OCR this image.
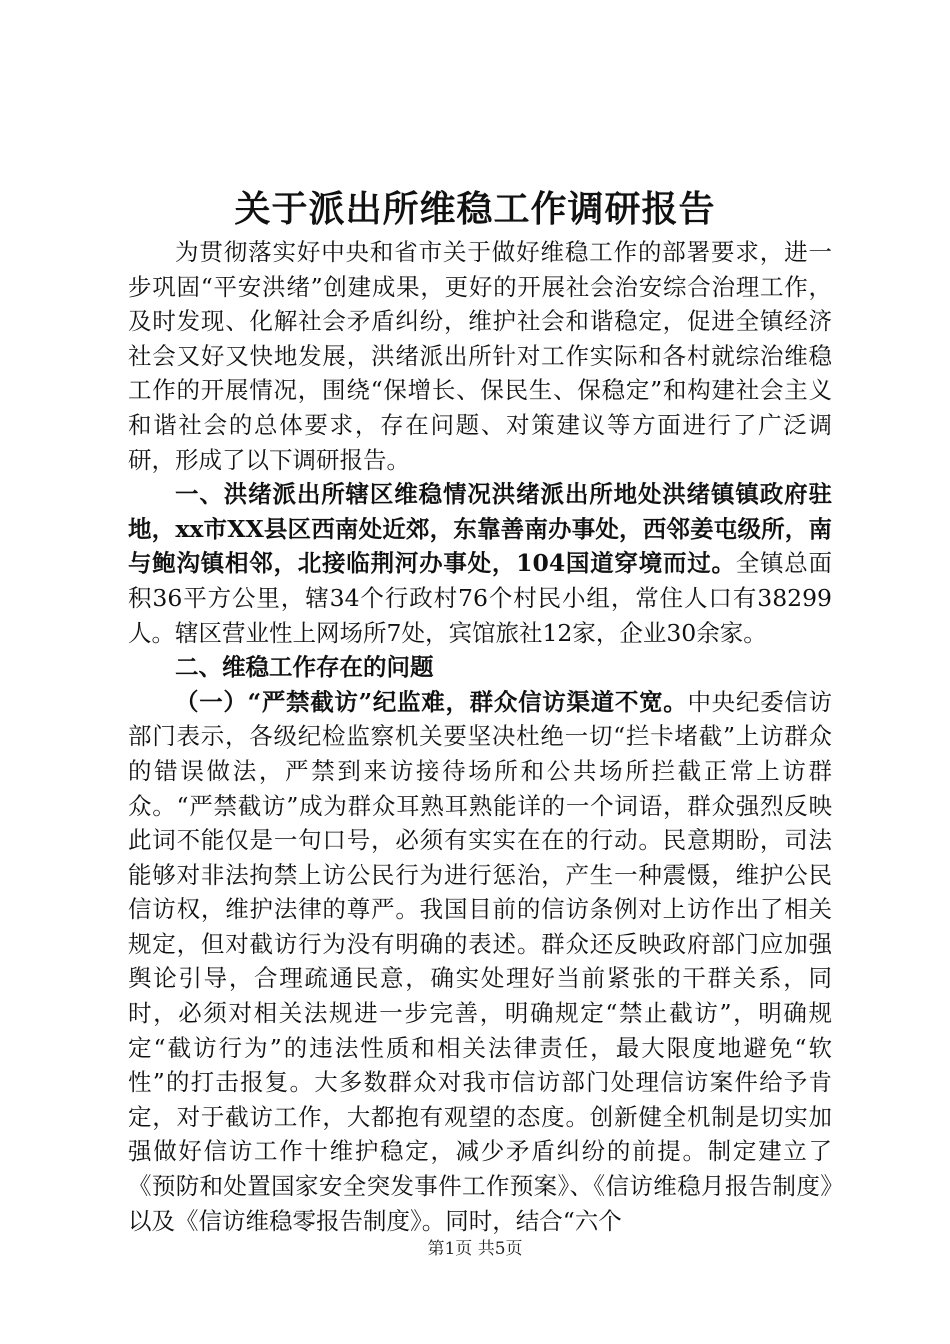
关于派出所维稳工作调研报告

为贯彻落实好中央和省市关于做好维稳工作的部署要求，进一步巩固“平安洪绪”创建成果，更好的开展社会治安综合治理工作，及时发现、化解社会矛盾纠纷，维护社会和谐稳定，促进全镇经济社会又好又快地发展，洪绪派出所针对工作实际和各村就综治维稳工作的开展情况，围绕“保增长、保民生、保稳定”和构建社会主义和谐社会的总体要求，存在问题、对策建议等方面进行了广泛调研，形成了以下调研报告。

一、洪绪派出所辖区维稳情况洪绪派出所地处洪绪镇镇政府驻地，xx市XX县区西南处近郊，东靠善南办事处，西邻姜屯级所，南与鲍沟镇相邻，北接临荆河办事处，104国道穿境而过。全镇总面积36平方公里，辖34个行政村76个村民小组，常住人口有38299人。辖区营业性上网场所7处，宾馆旅社12家，企业30余家。

二、维稳工作存在的问题

（一）“严禁截访”纪监难，群众信访渠道不宽。中央纪委信访部门表示，各级纪检监察机关要坚决杜绝一切“拦卡堵截”上访群众的错误做法，严禁到来访接待场所和公共场所拦截正常上访群众。“严禁截访”成为群众耳熟耳熟能详的一个词语，群众强烈反映此词不能仅是一句口号，必须有实实在在的行动。民意期盼，司法能够对非法拘禁上访公民行为进行惩治，产生一种震慑，维护公民信访权，维护法律的尊严。我国目前的信访条例对上访作出了相关规定，但对截访行为没有明确的表述。群众还反映政府部门应加强舆论引导，合理疏通民意，确实处理好当前紧张的干群关系，同时，必须对相关法规进一步完善，明确规定“禁止截访”，明确规定“截访行为”的违法性质和相关法律责任，最大限度地避免“软性”的打击报复。大多数群众对我市信访部门处理信访案件给予肯定，对于截访工作，大都抱有观望的态度。创新健全机制是切实加强做好信访工作十维护稳定，减少矛盾纠纷的前提。制定建立了《预防和处置国家安全突发事件工作预案》、《信访维稳月报告制度》以及《信访维稳零报告制度》。同时，结合“六个

第1页 共5页
